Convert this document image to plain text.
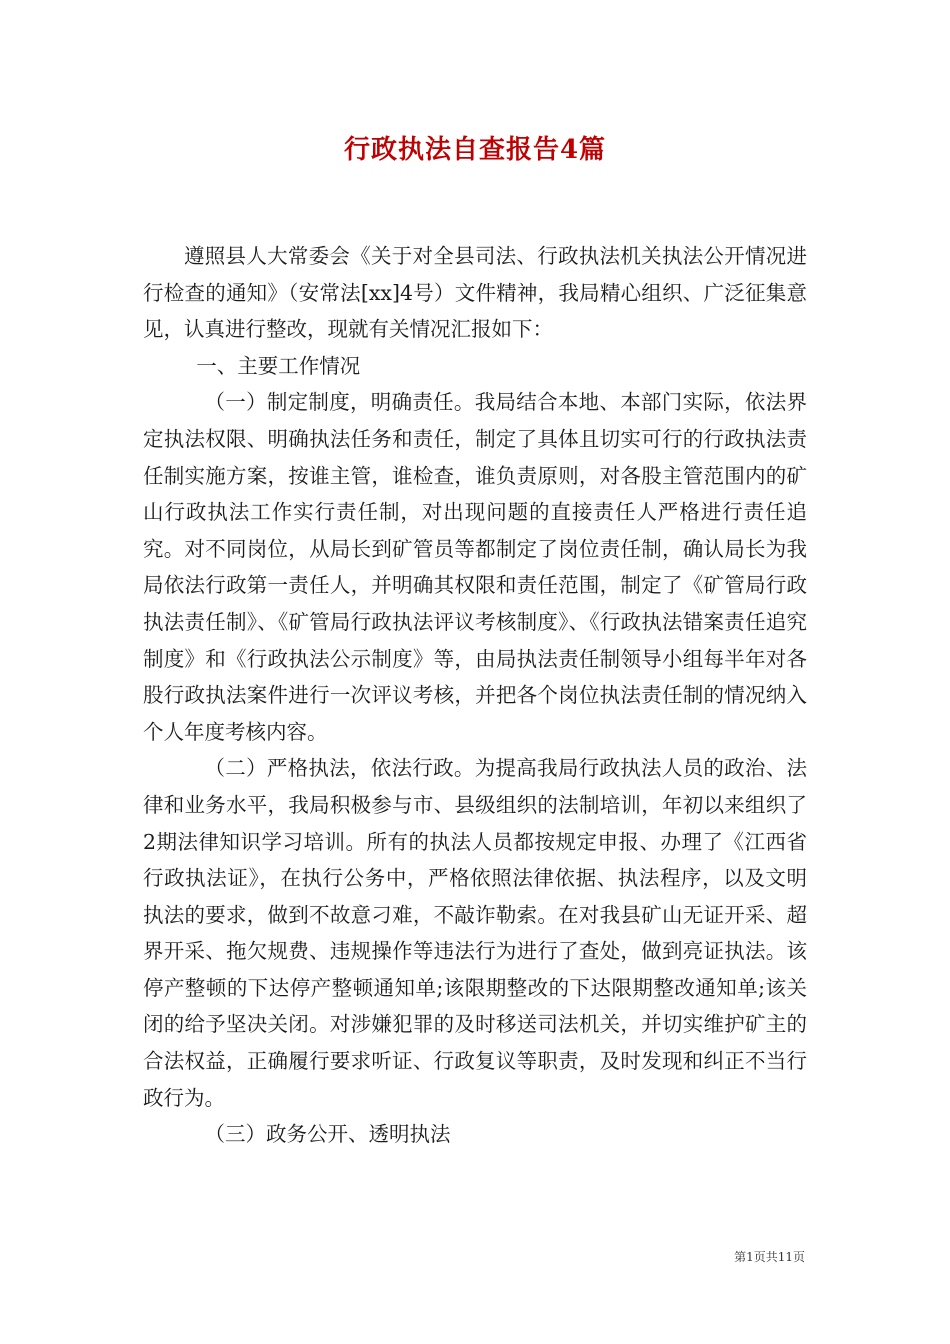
行政执法自查报告4篇

遵照县人大常委会《关于对全县司法、行政执法机关执法公开情况进行检查的通知》（安常法[xx]4号）文件精神，我局精心组织、广泛征集意见，认真进行整改，现就有关情况汇报如下：

一、主要工作情况

（一）制定制度，明确责任。我局结合本地、本部门实际，依法界定执法权限、明确执法任务和责任，制定了具体且切实可行的行政执法责任制实施方案，按谁主管，谁检查，谁负责原则，对各股主管范围内的矿山行政执法工作实行责任制，对出现问题的直接责任人严格进行责任追究。对不同岗位，从局长到矿管员等都制定了岗位责任制，确认局长为我局依法行政第一责任人，并明确其权限和责任范围，制定了《矿管局行政执法责任制》、《矿管局行政执法评议考核制度》、《行政执法错案责任追究制度》和《行政执法公示制度》等，由局执法责任制领导小组每半年对各股行政执法案件进行一次评议考核，并把各个岗位执法责任制的情况纳入个人年度考核内容。

（二）严格执法，依法行政。为提高我局行政执法人员的政治、法律和业务水平，我局积极参与市、县级组织的法制培训，年初以来组织了2期法律知识学习培训。所有的执法人员都按规定申报、办理了《江西省行政执法证》，在执行公务中，严格依照法律依据、执法程序，以及文明执法的要求，做到不故意刁难，不敲诈勒索。在对我县矿山无证开采、超界开采、拖欠规费、违规操作等违法行为进行了查处，做到亮证执法。该停产整顿的下达停产整顿通知单;该限期整改的下达限期整改通知单;该关闭的给予坚决关闭。对涉嫌犯罪的及时移送司法机关，并切实维护矿主的合法权益，正确履行要求听证、行政复议等职责，及时发现和纠正不当行政行为。

（三）政务公开、透明执法

第1页共11页
